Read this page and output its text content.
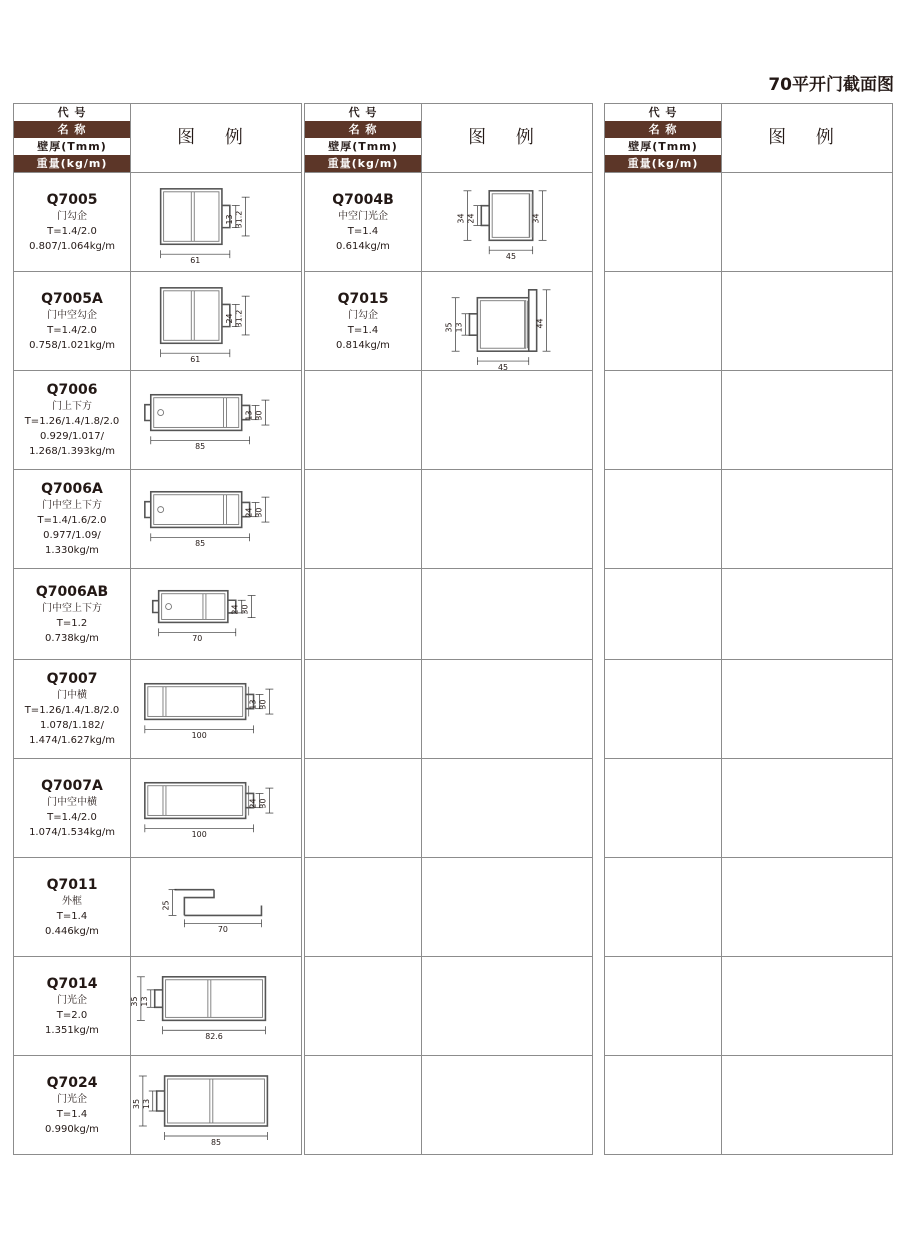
70平开门截面图
代 号
名 称
壁厚(Tmm)
重量(kg/m)
图 例
Q7005
门勾企
T=1.4/2.0
0.807/1.064kg/m
13 31.2
61
Q7005A
门中空勾企
T=1.4/2.0
0.758/1.021kg/m
24 31.2
61
Q7006
门上下方
T=1.26/1.4/1.8/2.0
0.929/1.017/
1.268/1.393kg/m
13 30
85
Q7006A
门中空上下方
T=1.4/1.6/2.0
0.977/1.09/
1.330kg/m
24 30
85
Q7006AB
门中空上下方
T=1.2
0.738kg/m
24 30
70
Q7007
门中横
T=1.26/1.4/1.8/2.0
1.078/1.182/
1.474/1.627kg/m
13 30
100
Q7007A
门中空中横
T=1.4/2.0
1.074/1.534kg/m
24 30
100
Q7011
外框
T=1.4
0.446kg/m
25
70
Q7014
门光企
T=2.0
1.351kg/m
13
35
82.6
Q7024
门光企
T=1.4
0.990kg/m
13
35
85
代 号
名 称
壁厚(Tmm)
重量(kg/m)
图 例
Q7004B
中空门光企
T=1.4
0.614kg/m
24
34	34
45
Q7015
门勾企
T=1.4
0.814kg/m
13
35	44
45
代 号
名 称
壁厚(Tmm)
重量(kg/m)
图 例
